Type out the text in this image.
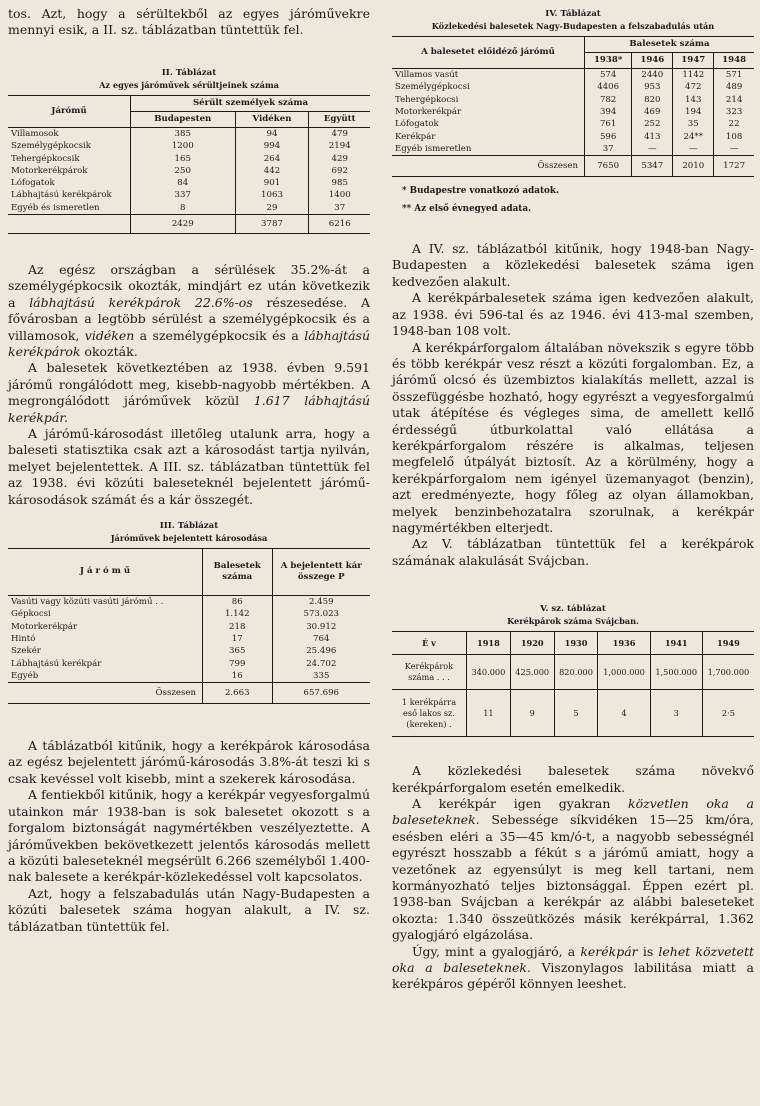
tos. Azt, hogy a sérültekből az egyes járóművekre mennyi esik, a II. sz. táblázatban tüntettük fel.

II. Táblázat

Az egyes járóművek sérültjeinek száma

Járómű	Sérült személyek száma		
	Budapesten	Vidéken	Együtt
Villamosok	385	94	479
Személygépkocsik	1200	994	2194
Tehergépkocsik	165	264	429
Motorkerékpárok	250	442	692
Lófogatok	84	901	985
Lábhajtású kerékpárok	337	1063	1400
Egyéb és ismeretlen	8	29	37
	2429	3787	6216

Az egész országban a sérülések 35.2%-át a személygépkocsik okozták, mindjárt ez után következik a lábhajtású kerékpárok 22.6%-os részesedése. A fővárosban a legtöbb sérülést a személygépkocsik és a villamosok, vidéken a személygépkocsik és a lábhajtású kerékpárok okozták.

A balesetek következtében az 1938. évben 9.591 járómű rongálódott meg, kisebb-nagyobb mértékben. A megrongálódott járóművek közül 1.617 lábhajtású kerékpár.

A járómű-károsodást illetőleg utalunk arra, hogy a baleseti statisztika csak azt a károsodást tartja nyilván, melyet bejelentettek. A III. sz. táblázatban tüntettük fel az 1938. évi közúti baleseteknél bejelentett járómű-károsodások számát és a kár összegét.

III. Táblázat

Járóművek bejelentett károsodása

J á r ó m ű	Balesetek száma	A bejelentett kár összege P
Vasúti vagy közúti vasúti járómű . .	86	2.459
Gépkocsi	1.142	573.023
Motorkerékpár	218	30.912
Hintó	17	764
Szekér	365	25.496
Lábhajtású kerékpár	799	24.702
Egyéb	16	335
Összesen	2.663	657.696

A táblázatból kitűnik, hogy a kerékpárok károsodása az egész bejelentett járómű-károsodás 3.8%-át teszi ki s csak kevéssel volt kisebb, mint a szekerek károsodása.

A fentiekből kitűnik, hogy a kerékpár vegyesforgalmú utainkon már 1938-ban is sok balesetet okozott s a forgalom biztonságát nagymértékben veszélyeztette. A járóművekben bekövetkezett jelentős károsodás mellett a közúti baleseteknél megsérült 6.266 személyből 1.400-nak balesete a kerékpár-közlekedéssel volt kapcsolatos.

Azt, hogy a felszabadulás után Nagy-Budapesten a közúti balesetek száma hogyan alakult, a IV. sz. táblázatban tüntettük fel.

IV. Táblázat

Közlekedési balesetek Nagy-Budapesten a felszabadulás után

A balesetet előidéző járómű	Balesetek száma			
	1938*	1946	1947	1948
Villamos vasút	574	2440	1142	571
Személygépkocsi	4406	953	472	489
Tehergépkocsi	782	820	143	214
Motorkerékpár	394	469	194	323
Lófogatok	761	252	35	22
Kerékpár	596	413	24**	108
Egyéb ismeretlen	37	—	—	—
Összesen	7650	5347	2010	1727

* Budapestre vonatkozó adatok.

** Az első évnegyed adata.

A IV. sz. táblázatból kitűnik, hogy 1948-ban Nagy-Budapesten a közlekedési balesetek száma igen kedvezően alakult.

A kerékpárbalesetek száma igen kedvezően alakult, az 1938. évi 596-tal és az 1946. évi 413-mal szemben, 1948-ban 108 volt.

A kerékpárforgalom általában növekszik s egyre több és több kerékpár vesz részt a közúti forgalomban. Ez, a járómű olcsó és üzembiztos kialakítás mellett, azzal is összefüggésbe hozható, hogy egyrészt a vegyesforgalmú utak átépítése és végleges sima, de amellett kellő érdességű útburkolattal való ellátása a kerékpárforgalom részére is alkalmas, teljesen megfelelő útpályát biztosít. Az a körülmény, hogy a kerékpárforgalom nem igényel üzemanyagot (benzin), azt eredményezte, hogy főleg az olyan államokban, melyek benzinbehozatalra szorulnak, a kerékpár nagymértékben elterjedt.

Az V. táblázatban tüntettük fel a kerékpárok számának alakulását Svájcban.

V. sz. táblázat

Kerékpárok száma Svájcban.

É v	1918	1920	1930	1936	1941	1949
Kerékpárok száma . . .	340.000	425.000	820.000	1,000.000	1,500.000	1,700.000
1 kerékpárra eső lakos sz. (kereken) .	11	9	5	4	3	2·5

A közlekedési balesetek száma növekvő kerékpárforgalom esetén emelkedik.

A kerékpár igen gyakran közvetlen oka a baleseteknek. Sebessége síkvidéken 15—25 km/óra, esésben eléri a 35—45 km/ó-t, a nagyobb sebességnél egyrészt hosszabb a fékút s a járómű amiatt, hogy a vezetőnek az egyensúlyt is meg kell tartani, nem kormányozható teljes biztonsággal. Éppen ezért pl. 1938-ban Svájcban a kerékpár az alábbi baleseteket okozta: 1.340 összeütközés másik kerékpárral, 1.362 gyalogjáró elgázolása.

Úgy, mint a gyalogjáró, a kerékpár is lehet közvetett oka a baleseteknek. Viszonylagos labilitása miatt a kerékpáros gépéről könnyen leeshet.
